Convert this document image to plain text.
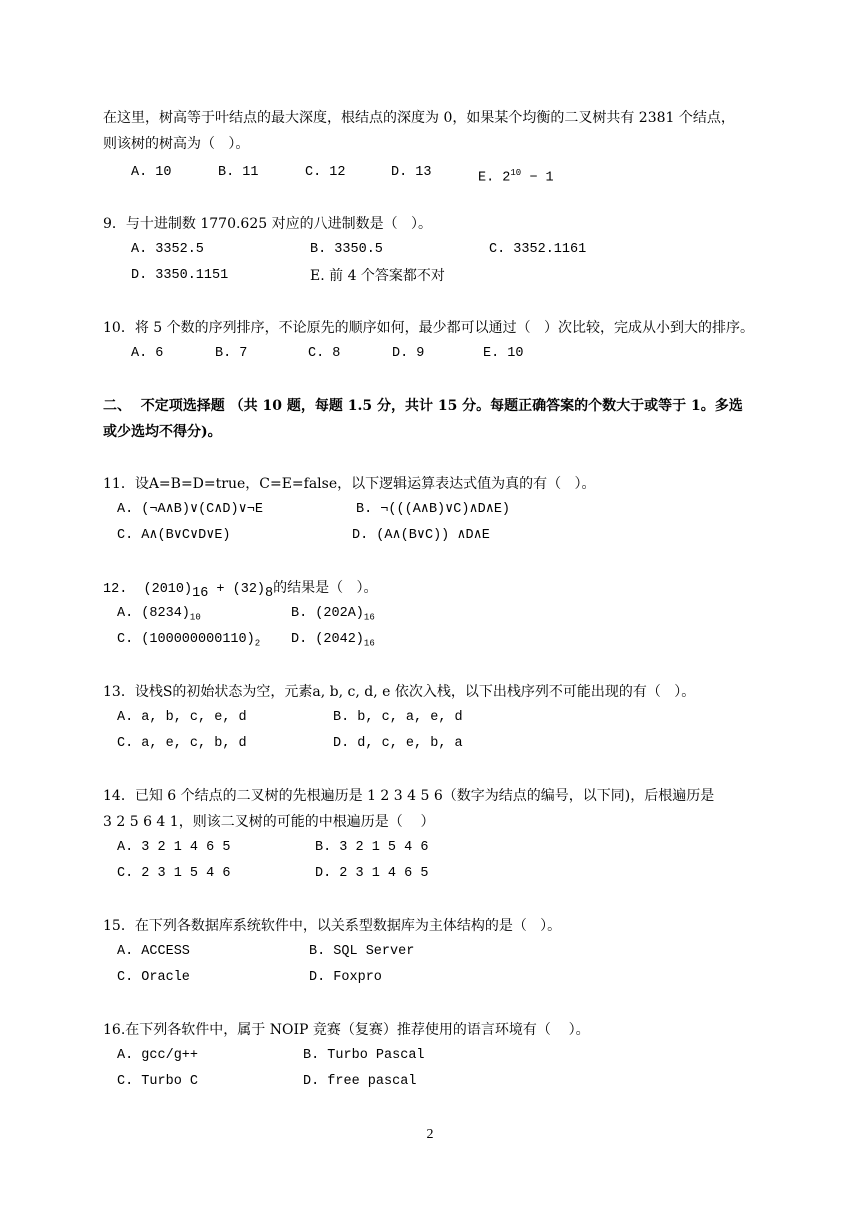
在这里，树高等于叶结点的最大深度，根结点的深度为 0，如果某个均衡的二叉树共有 2381 个结点，
则该树的树高为（   ）。
A. 10	B. 11	C. 12	D. 13	E. $2^{10} - 1$
9．与十进制数 1770.625 对应的八进制数是（   ）。
A. 3352.5	B. 3350.5	C. 3352.1161
D. 3350.1151	E. 前 4 个答案都不对
10．将 5 个数的序列排序，不论原先的顺序如何，最少都可以通过（   ）次比较，完成从小到大的排序。
A. 6	B. 7	C. 8	D. 9	E. 10
二、  不定项选择题 （共 10 题，每题 1.5 分，共计 15 分。每题正确答案的个数大于或等于 1。多选
或少选均不得分)。
11．设A=B=D=true，C=E=false，以下逻辑运算表达式值为真的有（   ）。
A. (¬A∧B)∨(C∧D)∨¬E	B. ¬(((A∧B)∨C)∧D∧E)
C. A∧(B∨C∨D∨E)	D. (A∧(B∨C)) ∧D∧E
12.  $(2010)_{16} + (32)_8$的结果是（   ）。
A. $(8234)_{10}$	B. $(202A)_{16}$
C. $(100000000110)_2$ D. $(2042)_{16}$
13．设栈S的初始状态为空，元素a, b, c, d, e 依次入栈，以下出栈序列不可能出现的有（   ）。
A. a, b, c, e, d	B. b, c, a, e, d
C. a, e, c, b, d	D. d, c, e, b, a
14．已知 6 个结点的二叉树的先根遍历是 1 2 3 4 5 6（数字为结点的编号，以下同)，后根遍历是
3 2 5 6 4 1，则该二叉树的可能的中根遍历是（    ）
A. 3 2 1 4 6 5	B. 3 2 1 5 4 6
C. 2 3 1 5 4 6	D. 2 3 1 4 6 5
15．在下列各数据库系统软件中，以关系型数据库为主体结构的是（   ）。
A. ACCESS	B. SQL Server
C. Oracle	D. Foxpro
16.在下列各软件中，属于 NOIP 竞赛（复赛）推荐使用的语言环境有（    ）。
A. gcc/g++	B. Turbo Pascal
C. Turbo C	D. free pascal
2
